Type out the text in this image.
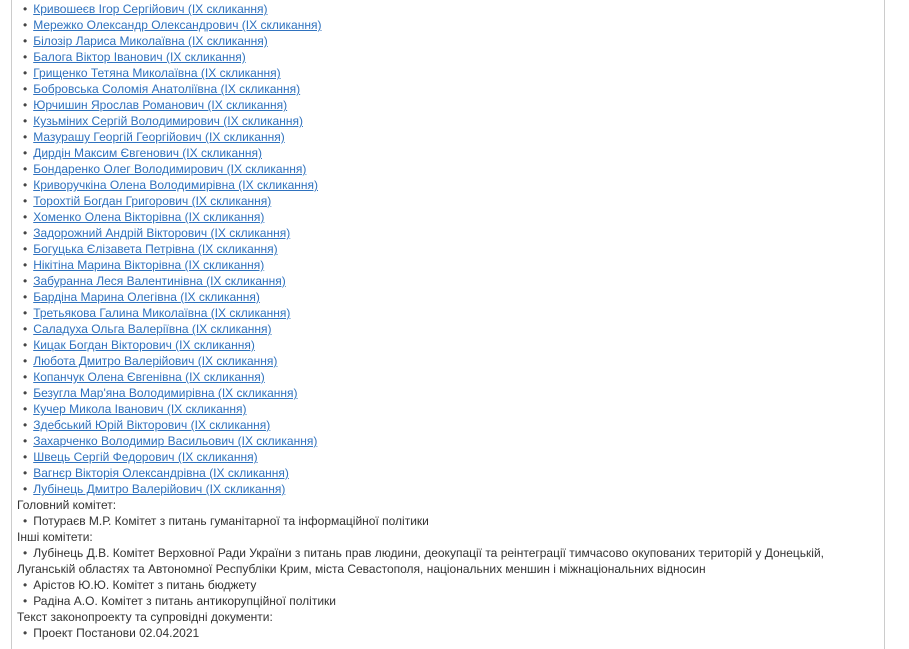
• Кривошеєв Ігор Сергійович (IX скликання)
• Мережко Олександр Олександрович (IX скликання)
• Білозір Лариса Миколаївна (IX скликання)
• Балога Віктор Іванович (IX скликання)
• Грищенко Тетяна Миколаївна (IX скликання)
• Бобровська Соломія Анатоліївна (IX скликання)
• Юрчишин Ярослав Романович (IX скликання)
• Кузьміних Сергій Володимирович (IX скликання)
• Мазурашу Георгій Георгійович (IX скликання)
• Дирдін Максим Євгенович (IX скликання)
• Бондаренко Олег Володимирович (IX скликання)
• Криворучкіна Олена Володимирівна (IX скликання)
• Торохтій Богдан Григорович (IX скликання)
• Хоменко Олена Вікторівна (IX скликання)
• Задорожний Андрій Вікторович (IX скликання)
• Богуцька Єлізавета Петрівна (IX скликання)
• Нікітіна Марина Вікторівна (IX скликання)
• Забуранна Леся Валентинівна (IX скликання)
• Бардіна Марина Олегівна (IX скликання)
• Третьякова Галина Миколаївна (IX скликання)
• Саладуха Ольга Валеріївна (IX скликання)
• Кицак Богдан Вікторович (IX скликання)
• Любота Дмитро Валерійович (IX скликання)
• Копанчук Олена Євгенівна (IX скликання)
• Безугла Мар'яна Володимирівна (IX скликання)
• Кучер Микола Іванович (IX скликання)
• Здебський Юрій Вікторович (IX скликання)
• Захарченко Володимир Васильович (IX скликання)
• Швець Сергій Федорович (IX скликання)
• Вагнєр Вікторія Олександрівна (IX скликання)
• Лубінець Дмитро Валерійович (IX скликання)
Головний комітет:
• Потураєв М.Р. Комітет з питань гуманітарної та інформаційної політики
Інші комітети:
• Лубінець Д.В. Комітет Верховної Ради України з питань прав людини, деокупації та реінтеграції тимчасово окупованих територій у Донецькій, Луганській областях та Автономної Республіки Крим, міста Севастополя, національних меншин і міжнаціональних відносин
• Арістов Ю.Ю. Комітет з питань бюджету
• Радіна А.О. Комітет з питань антикорупційної політики
Текст законопроекту та супровідні документи:
• Проект Постанови 02.04.2021
